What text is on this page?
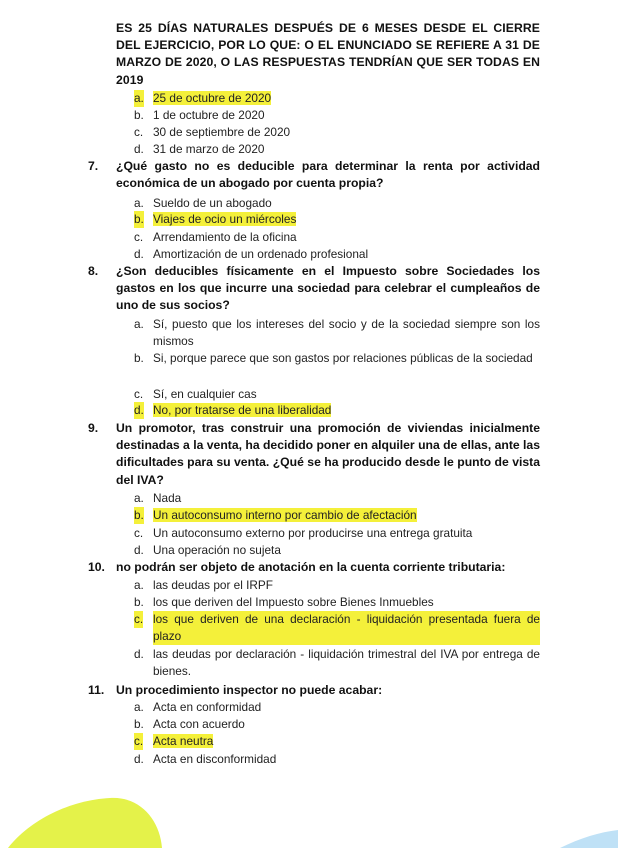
ES 25 DÍAS NATURALES DESPUÉS DE 6 MESES DESDE EL CIERRE DEL EJERCICIO, POR LO QUE: O EL ENUNCIADO SE REFIERE A 31 DE MARZO DE 2020, O LAS RESPUESTAS TENDRÍAN QUE SER TODAS EN 2019

a. 25 de octubre de 2020
b. 1 de octubre de 2020
c. 30 de septiembre de 2020
d. 31 de marzo de 2020
7. ¿Qué gasto no es deducible para determinar la renta por actividad económica de un abogado por cuenta propia?
a. Sueldo de un abogado
b. Viajes de ocio un miércoles
c. Arrendamiento de la oficina
d. Amortización de un ordenado profesional
8. ¿Son deducibles físicamente en el Impuesto sobre Sociedades los gastos en los que incurre una sociedad para celebrar el cumpleaños de uno de sus socios?
a. Sí, puesto que los intereses del socio y de la sociedad siempre son los mismos
b. Si, porque parece que son gastos por relaciones públicas de la sociedad
c. Sí, en cualquier cas
d. No, por tratarse de una liberalidad
9. Un promotor, tras construir una promoción de viviendas inicialmente destinadas a la venta, ha decidido poner en alquiler una de ellas, ante las dificultades para su venta. ¿Qué se ha producido desde le punto de vista del IVA?
a. Nada
b. Un autoconsumo interno por cambio de afectación
c. Un autoconsumo externo por producirse una entrega gratuita
d. Una operación no sujeta
10. no podrán ser objeto de anotación en la cuenta corriente tributaria:
a. las deudas por el IRPF
b. los que deriven del Impuesto sobre Bienes Inmuebles
c. los que deriven de una declaración - liquidación presentada fuera de plazo
d. las deudas por declaración - liquidación trimestral del IVA por entrega de bienes.
11. Un procedimiento inspector no puede acabar:
a. Acta en conformidad
b. Acta con acuerdo
c. Acta neutra
d. Acta en disconformidad
